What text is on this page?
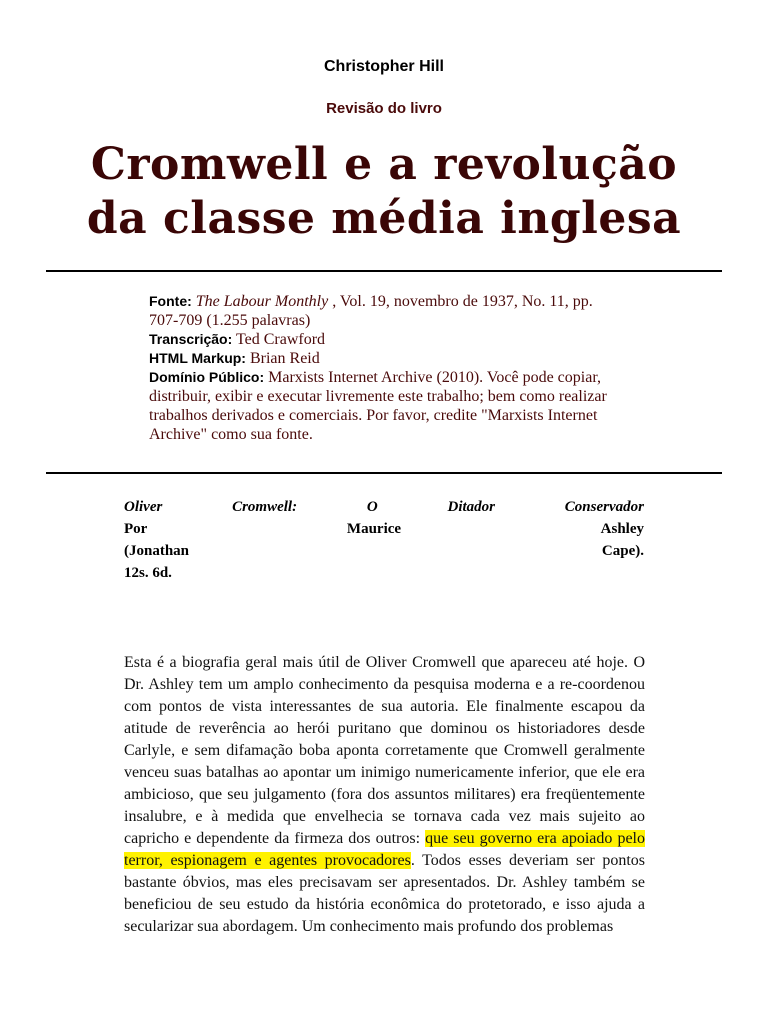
Christopher Hill
Revisão do livro
Cromwell e a revolução
da classe média inglesa
Fonte: The Labour Monthly , Vol. 19, novembro de 1937, No. 11, pp. 707-709 (1.255 palavras)
Transcrição: Ted Crawford
HTML Markup: Brian Reid
Domínio Público: Marxists Internet Archive (2010). Você pode copiar, distribuir, exibir e executar livremente este trabalho; bem como realizar trabalhos derivados e comerciais. Por favor, credite "Marxists Internet Archive" como sua fonte.
Oliver	Cromwell:	O	Ditador	Conservador
Por	Maurice	Ashley
(Jonathan	Cape).
12s. 6d.
Esta é a biografia geral mais útil de Oliver Cromwell que apareceu até hoje. O Dr. Ashley tem um amplo conhecimento da pesquisa moderna e a re-coordenou com pontos de vista interessantes de sua autoria. Ele finalmente escapou da atitude de reverência ao herói puritano que dominou os historiadores desde Carlyle, e sem difamação boba aponta corretamente que Cromwell geralmente venceu suas batalhas ao apontar um inimigo numericamente inferior, que ele era ambicioso, que seu julgamento (fora dos assuntos militares) era freqüentemente insalubre, e à medida que envelhecia se tornava cada vez mais sujeito ao capricho e dependente da firmeza dos outros: que seu governo era apoiado pelo terror, espionagem e agentes provocadores. Todos esses deveriam ser pontos bastante óbvios, mas eles precisavam ser apresentados. Dr. Ashley também se beneficiou de seu estudo da história econômica do protetorado, e isso ajuda a secularizar sua abordagem. Um conhecimento mais profundo dos problemas
